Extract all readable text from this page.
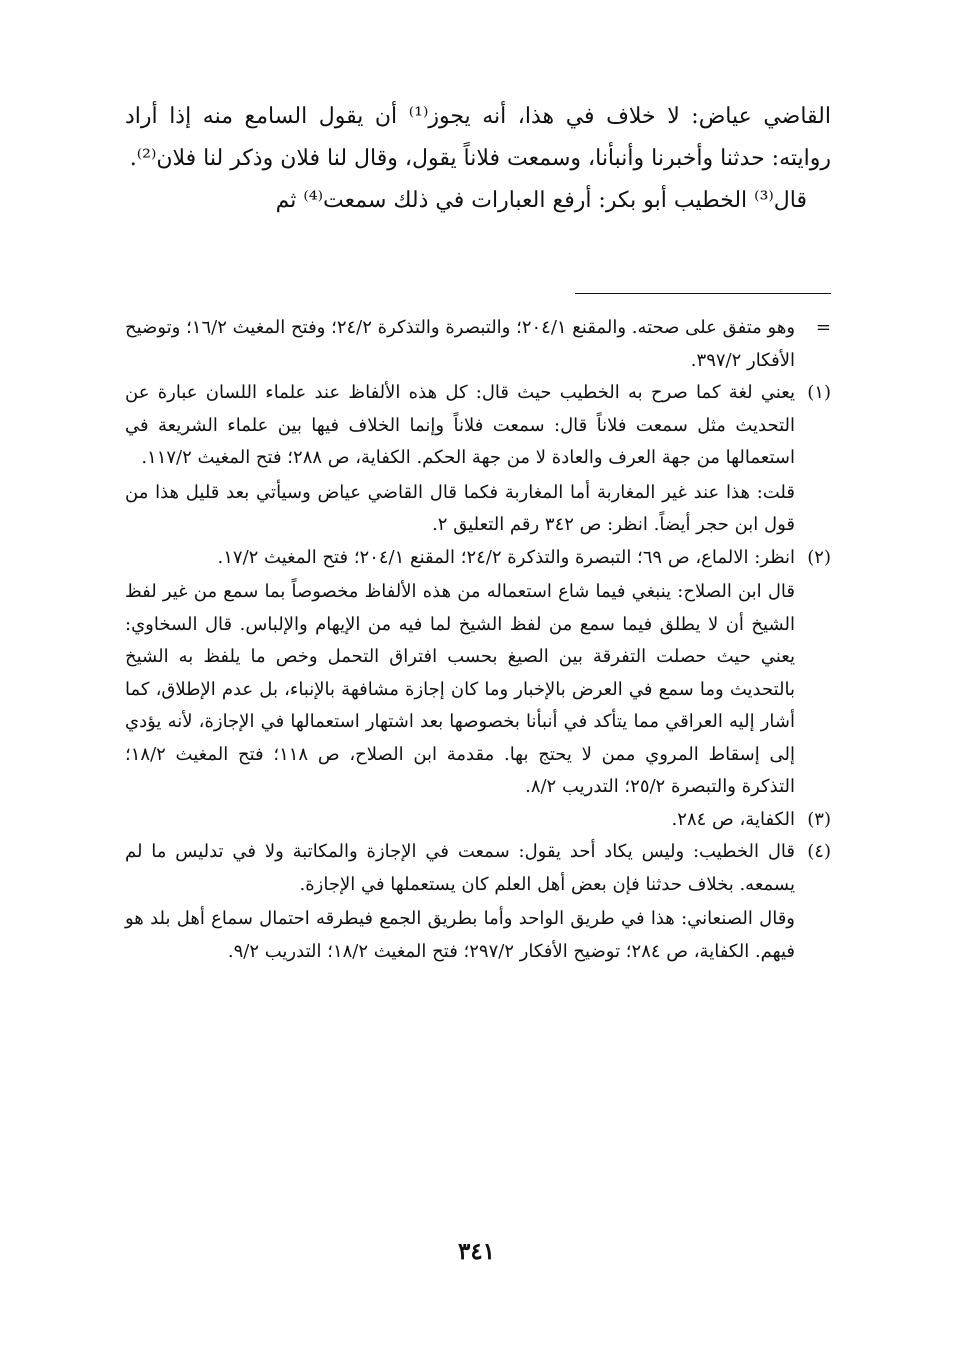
القاضي عياض: لا خلاف في هذا، أنه يجوز⁽¹⁾ أن يقول السامع منه إذا أراد روايته: حدثنا وأخبرنا وأنبأنا، وسمعت فلاناً يقول، وقال لنا فلان وذكر لنا فلان⁽²⁾.

قال⁽³⁾ الخطيب أبو بكر: أرفع العبارات في ذلك سمعت⁽⁴⁾ ثم

=

وهو متفق على صحته. والمقنع ٢٠٤/١؛ والتبصرة والتذكرة ٢٤/٢؛ وفتح المغيث ١٦/٢؛ وتوضيح الأفكار ٣٩٧/٢.

(١)

يعني لغة كما صرح به الخطيب حيث قال: كل هذه الألفاظ عند علماء اللسان عبارة عن التحديث مثل سمعت فلاناً قال: سمعت فلاناً وإنما الخلاف فيها بين علماء الشريعة في استعمالها من جهة العرف والعادة لا من جهة الحكم. الكفاية، ص ٢٨٨؛ فتح المغيث ١١٧/٢.

قلت: هذا عند غير المغاربة أما المغاربة فكما قال القاضي عياض وسيأتي بعد قليل هذا من قول ابن حجر أيضاً. انظر: ص ٣٤٢ رقم التعليق ٢.

(٢)

انظر: الالماع، ص ٦٩؛ التبصرة والتذكرة ٢٤/٢؛ المقنع ٢٠٤/١؛ فتح المغيث ١٧/٢.

قال ابن الصلاح: ينبغي فيما شاع استعماله من هذه الألفاظ مخصوصاً بما سمع من غير لفظ الشيخ أن لا يطلق فيما سمع من لفظ الشيخ لما فيه من الإيهام والإلباس. قال السخاوي: يعني حيث حصلت التفرقة بين الصيغ بحسب افتراق التحمل وخص ما يلفظ به الشيخ بالتحديث وما سمع في العرض بالإخبار وما كان إجازة مشافهة بالإنباء، بل عدم الإطلاق، كما أشار إليه العراقي مما يتأكد في أنبأنا بخصوصها بعد اشتهار استعمالها في الإجازة، لأنه يؤدي إلى إسقاط المروي ممن لا يحتج بها. مقدمة ابن الصلاح، ص ١١٨؛ فتح المغيث ١٨/٢؛ التذكرة والتبصرة ٢٥/٢؛ التدريب ٨/٢.

(٣)

الكفاية، ص ٢٨٤.

(٤)

قال الخطيب: وليس يكاد أحد يقول: سمعت في الإجازة والمكاتبة ولا في تدليس ما لم يسمعه. بخلاف حدثنا فإن بعض أهل العلم كان يستعملها في الإجازة.

وقال الصنعاني: هذا في طريق الواحد وأما بطريق الجمع فيطرقه احتمال سماع أهل بلد هو فيهم. الكفاية، ص ٢٨٤؛ توضيح الأفكار ٢٩٧/٢؛ فتح المغيث ١٨/٢؛ التدريب ٩/٢.

٣٤١
